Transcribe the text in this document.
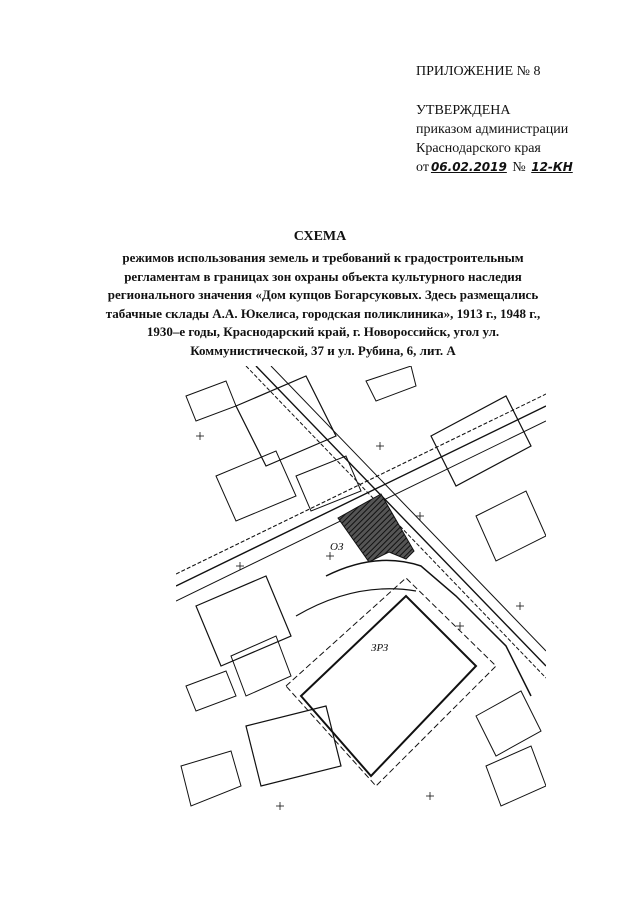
ПРИЛОЖЕНИЕ № 8
УТВЕРЖДЕНА
приказом администрации
Краснодарского края
от 06.02.2019 № 12-КН
СХЕМА
режимов использования земель и требований к градостроительным регламентам в границах зон охраны объекта культурного наследия регионального значения «Дом купцов Богарсуковых. Здесь размещались табачные склады А.А. Юкелиса, городская поликлиника», 1913 г., 1948 г., 1930–е годы, Краснодарский край, г. Новороссийск, угол ул. Коммунистической, 37 и ул. Рубина, 6, лит. А
ОЗ
ЗРЗ
